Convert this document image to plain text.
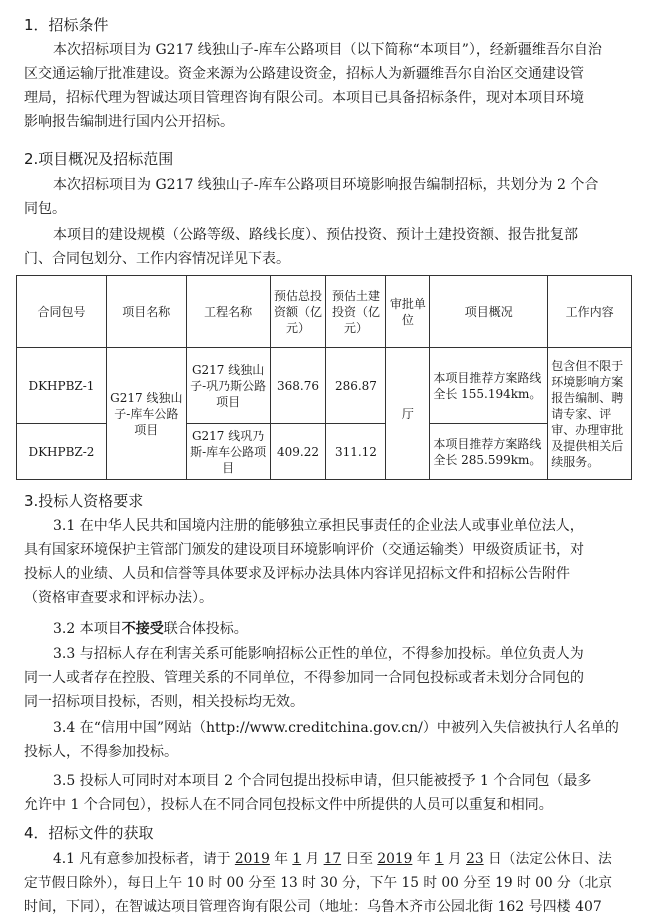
1．招标条件
本次招标项目为 G217 线独山子-库车公路项目（以下简称“本项目”），经新疆维吾尔自治
区交通运输厅批准建设。资金来源为公路建设资金，招标人为新疆维吾尔自治区交通建设管
理局，招标代理为智诚达项目管理咨询有限公司。本项目已具备招标条件，现对本项目环境
影响报告编制进行国内公开招标。
2.项目概况及招标范围
本次招标项目为 G217 线独山子-库车公路项目环境影响报告编制招标，共划分为 2 个合
同包。
本项目的建设规模（公路等级、路线长度）、预估投资、预计土建投资额、报告批复部
门、合同包划分、工作内容情况详见下表。
合同包号	项目名称	工程名称	预估总投资额（亿元）	预估土建投资（亿元）	审批单位	项目概况	工作内容
DKHPBZ-1	G217 线独山子-库车公路项目	G217 线独山子-巩乃斯公路项目	368.76	286.87	厅	本项目推荐方案路线全长 155.194km。	包含但不限于环境影响方案报告编制、聘请专家、评审、办理审批及提供相关后续服务。
DKHPBZ-2		G217 线巩乃斯-库车公路项目	409.22	311.12		本项目推荐方案路线全长 285.599km。	
3.投标人资格要求
3.1 在中华人民共和国境内注册的能够独立承担民事责任的企业法人或事业单位法人，
具有国家环境保护主管部门颁发的建设项目环境影响评价（交通运输类）甲级资质证书，对
投标人的业绩、人员和信誉等具体要求及评标办法具体内容详见招标文件和招标公告附件
（资格审查要求和评标办法）。
3.2 本项目不接受联合体投标。
3.3 与招标人存在利害关系可能影响招标公正性的单位，不得参加投标。单位负责人为
同一人或者存在控股、管理关系的不同单位，不得参加同一合同包投标或者未划分合同包的
同一招标项目投标，否则，相关投标均无效。
3.4 在“信用中国”网站（http://www.creditchina.gov.cn/）中被列入失信被执行人名单的
投标人，不得参加投标。
3.5 投标人可同时对本项目 2 个合同包提出投标申请，但只能被授予 1 个合同包（最多
允许中 1 个合同包），投标人在不同合同包投标文件中所提供的人员可以重复和相同。
4．招标文件的获取
4.1 凡有意参加投标者，请于 2019 年 1 月 17 日至 2019 年 1 月 23 日（法定公休日、法
定节假日除外），每日上午 10 时 00 分至 13 时 30 分，下午 15 时 00 分至 19 时 00 分（北京
时间，下同），在智诚达项目管理咨询有限公司（地址：乌鲁木齐市公园北街 162 号四楼 407
